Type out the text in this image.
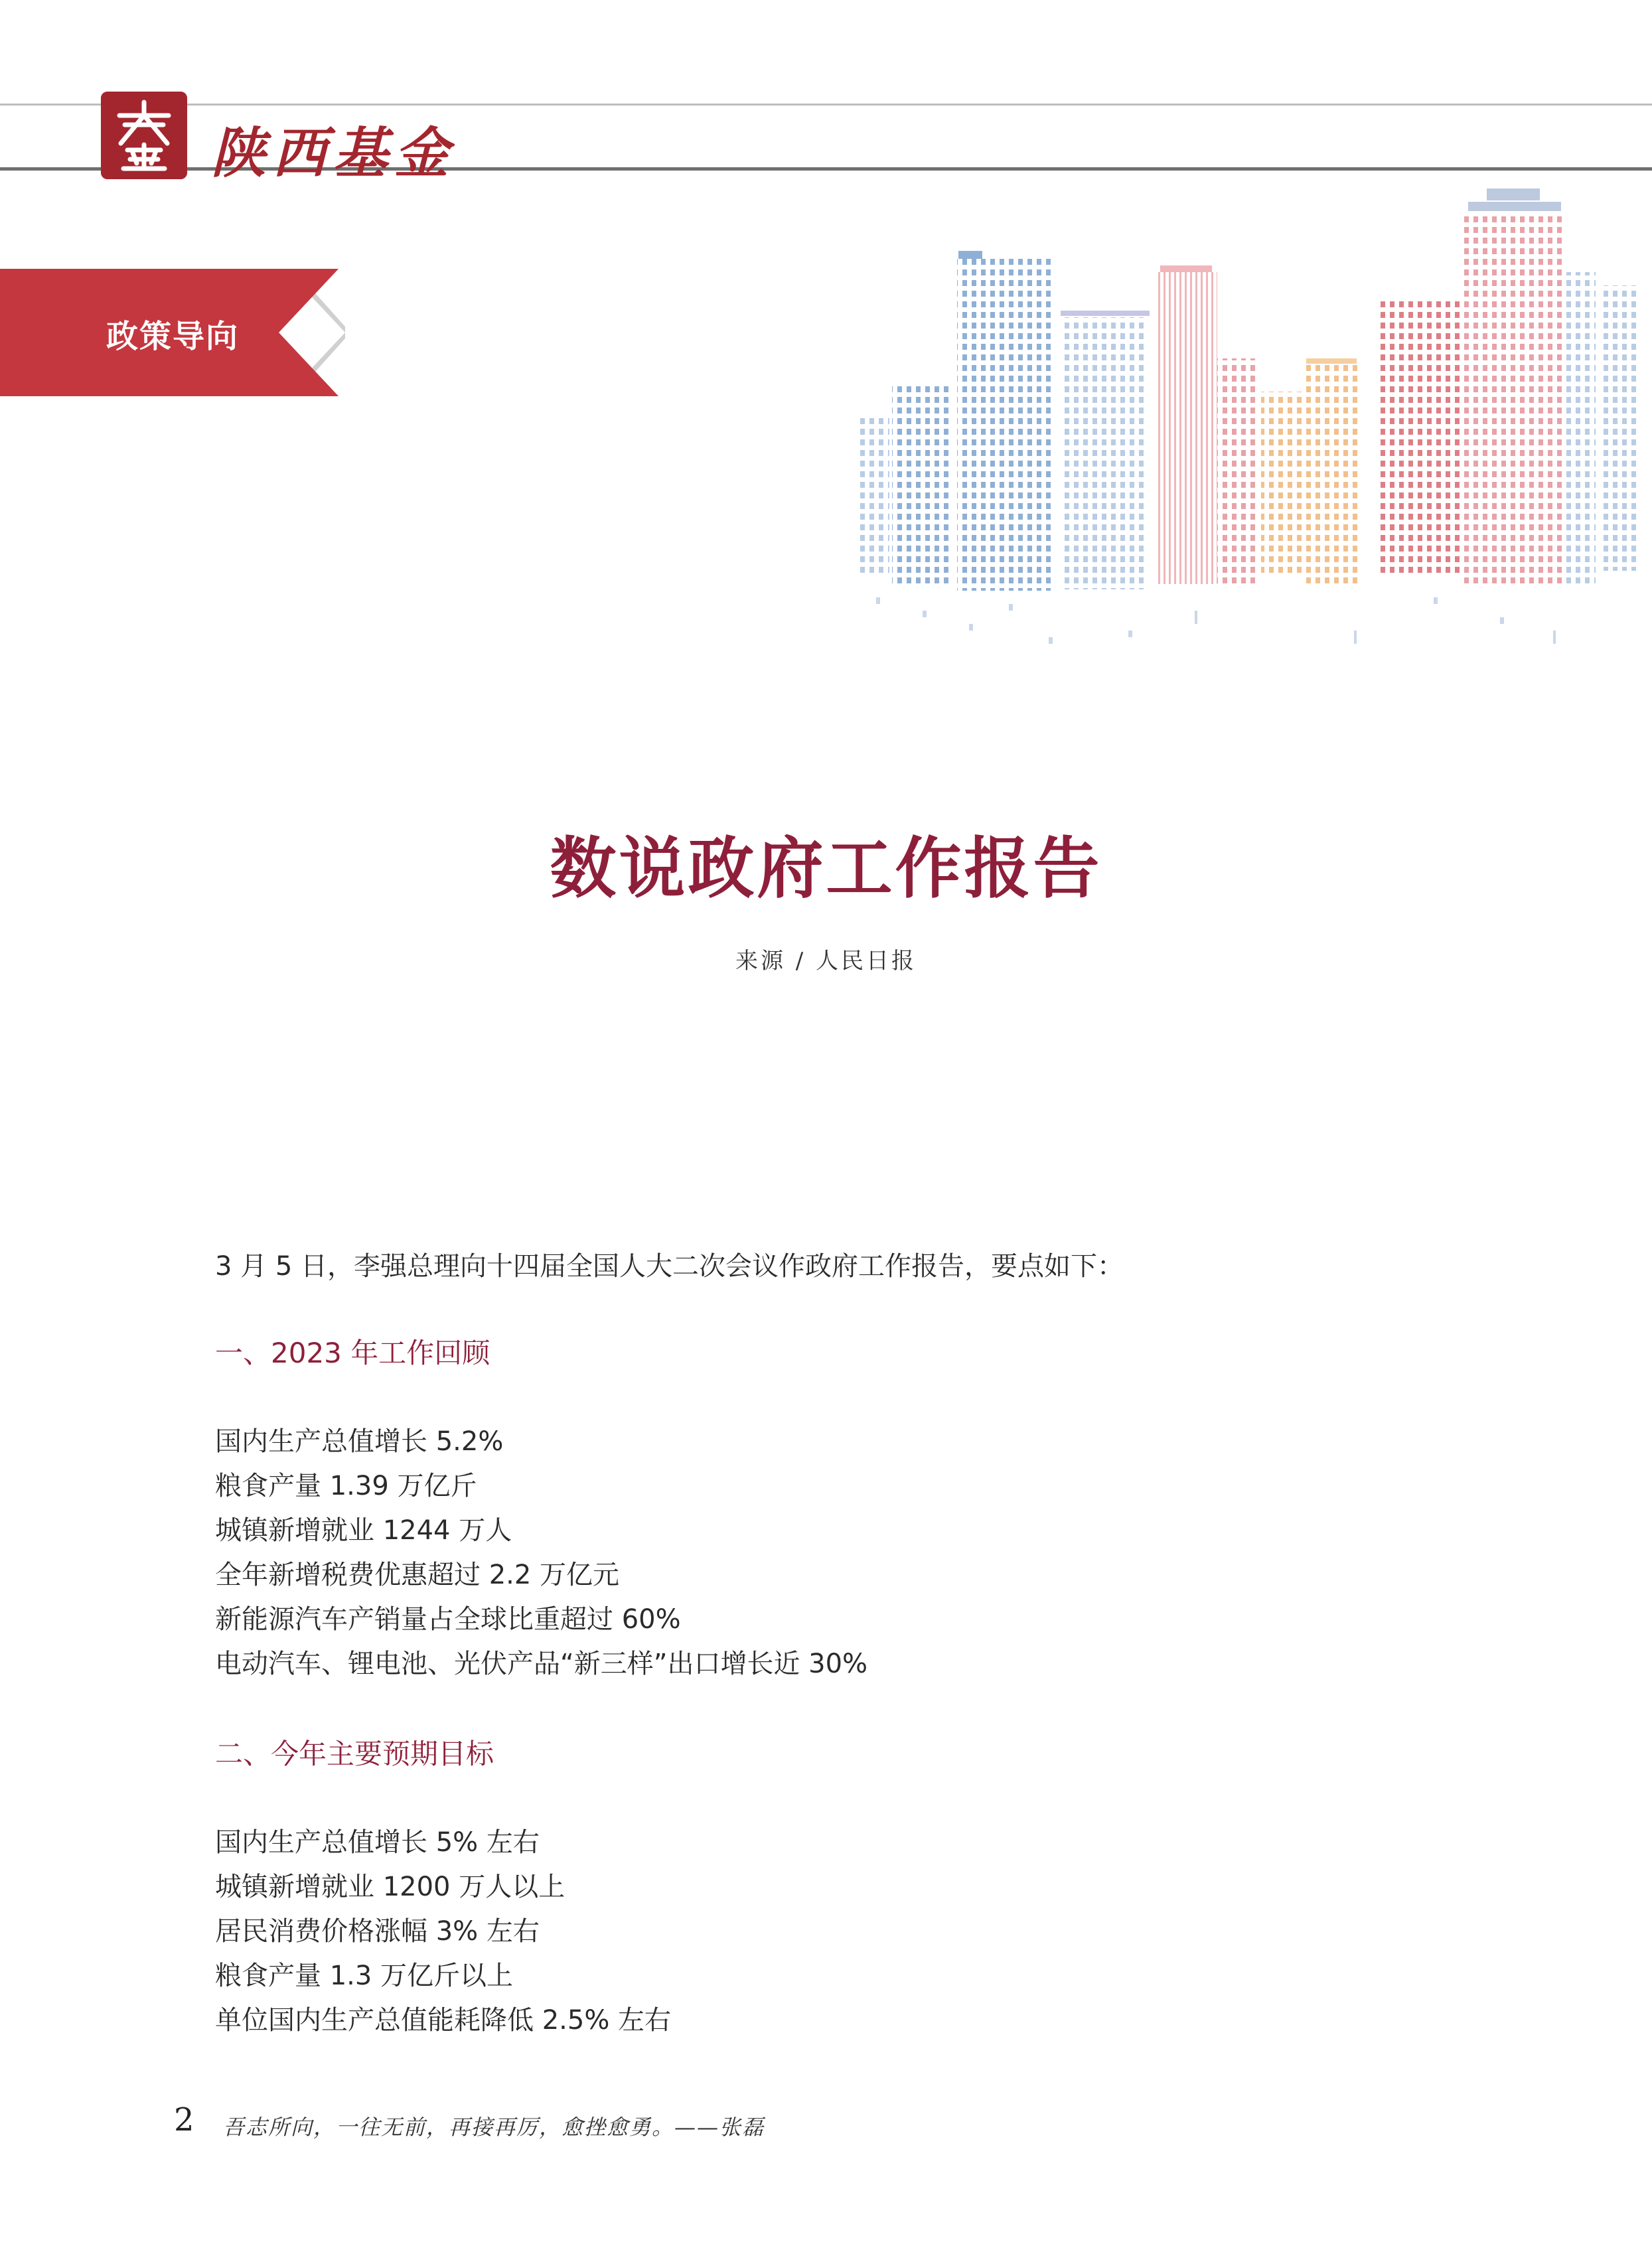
陕西基金
政策导向
数说政府工作报告
来源 / 人民日报
3 月 5 日，李强总理向十四届全国人大二次会议作政府工作报告，要点如下：
一、2023 年工作回顾
国内生产总值增长 5.2%
粮食产量 1.39 万亿斤
城镇新增就业 1244 万人
全年新增税费优惠超过 2.2 万亿元
新能源汽车产销量占全球比重超过 60%
电动汽车、锂电池、光伏产品“新三样”出口增长近 30%
二、今年主要预期目标
国内生产总值增长 5% 左右
城镇新增就业 1200 万人以上
居民消费价格涨幅 3% 左右
粮食产量 1.3 万亿斤以上
单位国内生产总值能耗降低 2.5% 左右
2 吾志所向，一往无前，再接再厉，愈挫愈勇。——张磊
